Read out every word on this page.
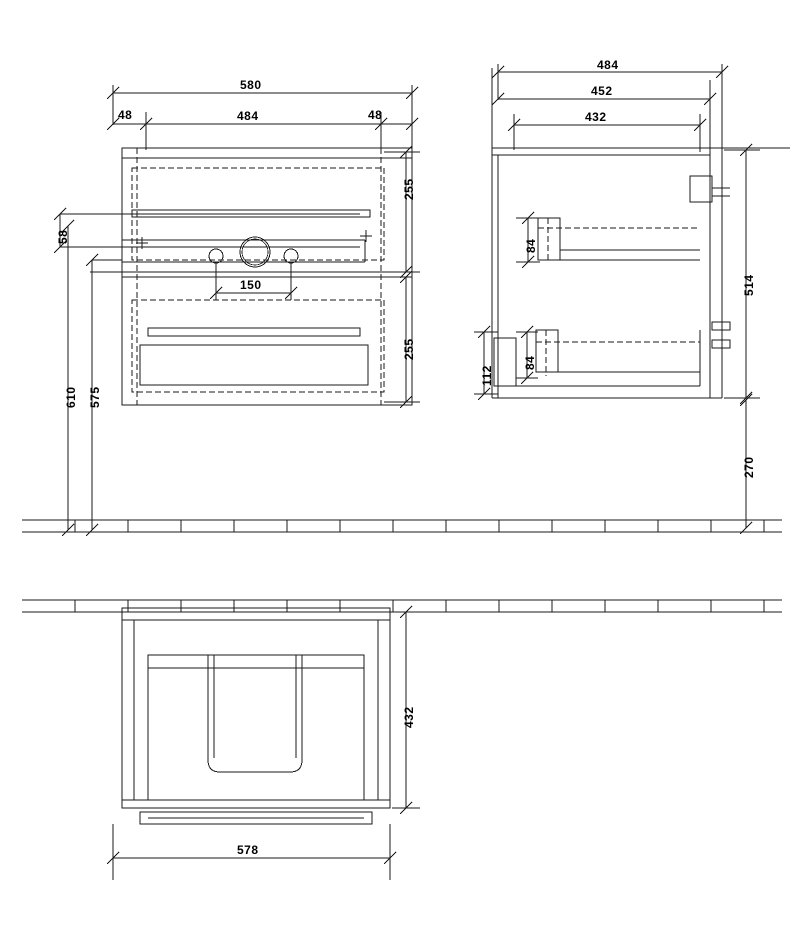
580
48	48
484
255
255
150
58
610 575
484
452
432
514
270
84
84
112
432
578
